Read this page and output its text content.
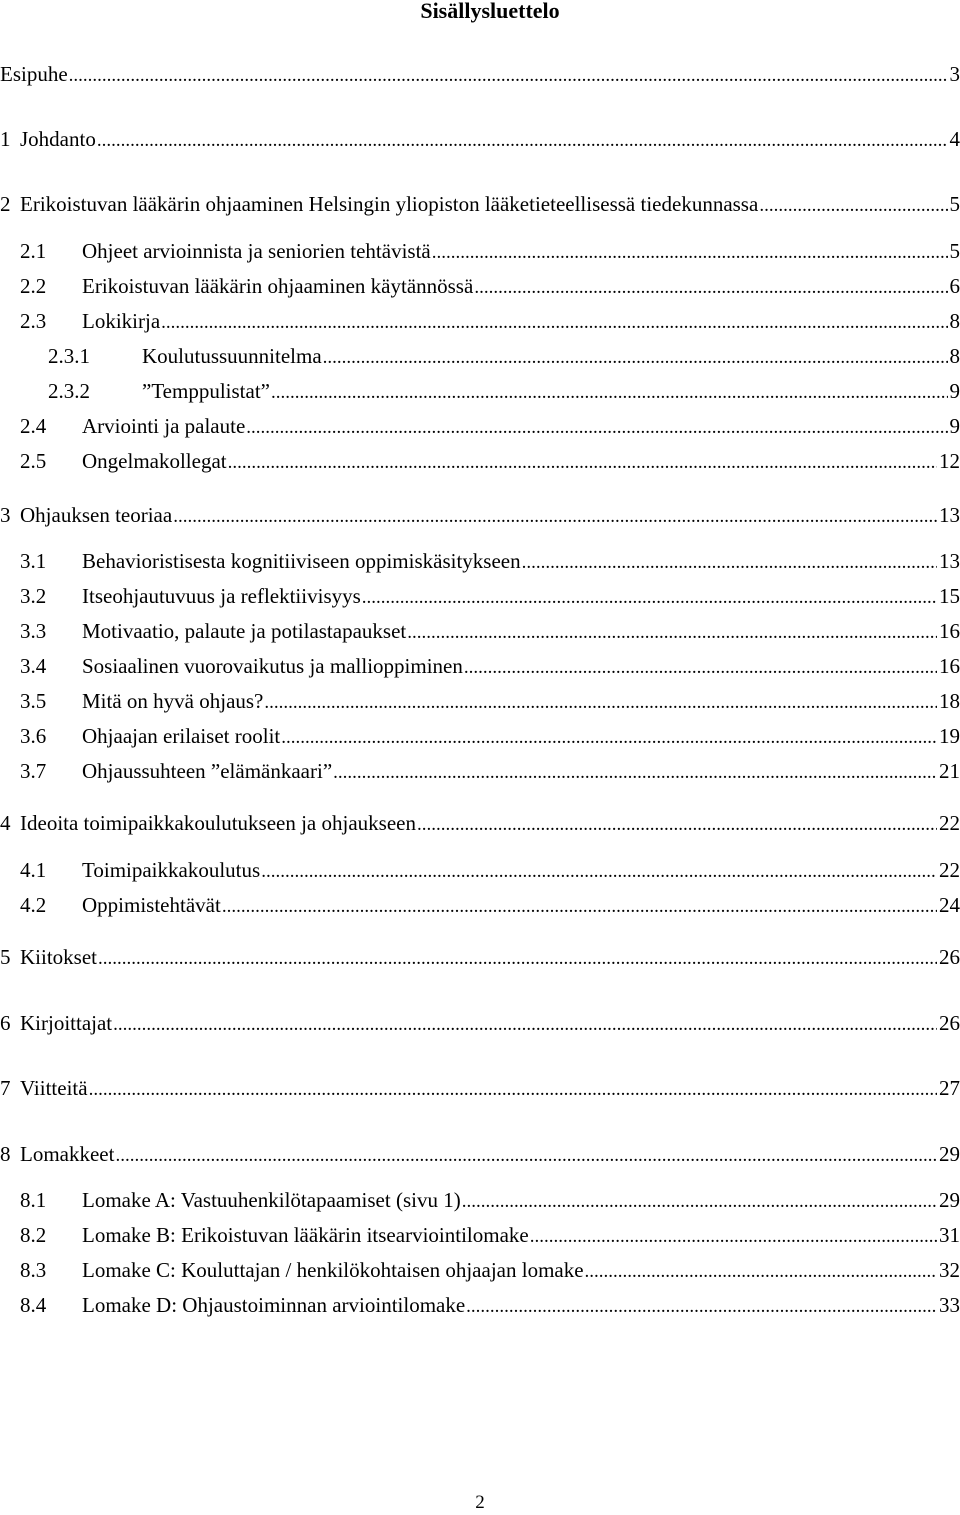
Sisällysluettelo
Esipuhe .....	3
1 Johdanto .....	4
2 Erikoistuvan lääkärin ohjaaminen Helsingin yliopiston lääketieteellisessä tiedekunnassa .....	5
2.1 Ohjeet arvioinnista ja seniorien tehtävistä .....	5
2.2 Erikoistuvan lääkärin ohjaaminen käytännössä .....	6
2.3 Lokikirja .....	8
2.3.1 Koulutussuunnitelma .....	8
2.3.2 ”Temppulistat” .....	9
2.4 Arviointi ja palaute .....	9
2.5 Ongelmakollegat .....	12
3 Ohjauksen teoriaa .....	13
3.1 Behavioristisesta kognitiiviseen oppimiskäsitykseen .....	13
3.2 Itseohjautuvuus ja reflektiivisyys .....	15
3.3 Motivaatio, palaute ja potilastapaukset .....	16
3.4 Sosiaalinen vuorovaikutus ja mallioppiminen .....	16
3.5 Mitä on hyvä ohjaus? .....	18
3.6 Ohjaajan erilaiset roolit .....	19
3.7 Ohjaussuhteen ”elämänkaari” .....	21
4 Ideoita toimipaikkakoulutukseen ja ohjaukseen .....	22
4.1 Toimipaikkakoulutus .....	22
4.2 Oppimistehtävät .....	24
5 Kiitokset .....	26
6 Kirjoittajat .....	26
7 Viitteitä .....	27
8 Lomakkeet .....	29
8.1 Lomake A: Vastuuhenkilötapaamiset (sivu 1) .....	29
8.2 Lomake B: Erikoistuvan lääkärin itsearviointilomake .....	31
8.3 Lomake C: Kouluttajan / henkilökohtaisen ohjaajan lomake .....	32
8.4 Lomake D: Ohjaustoiminnan arviointilomake .....	33
2
